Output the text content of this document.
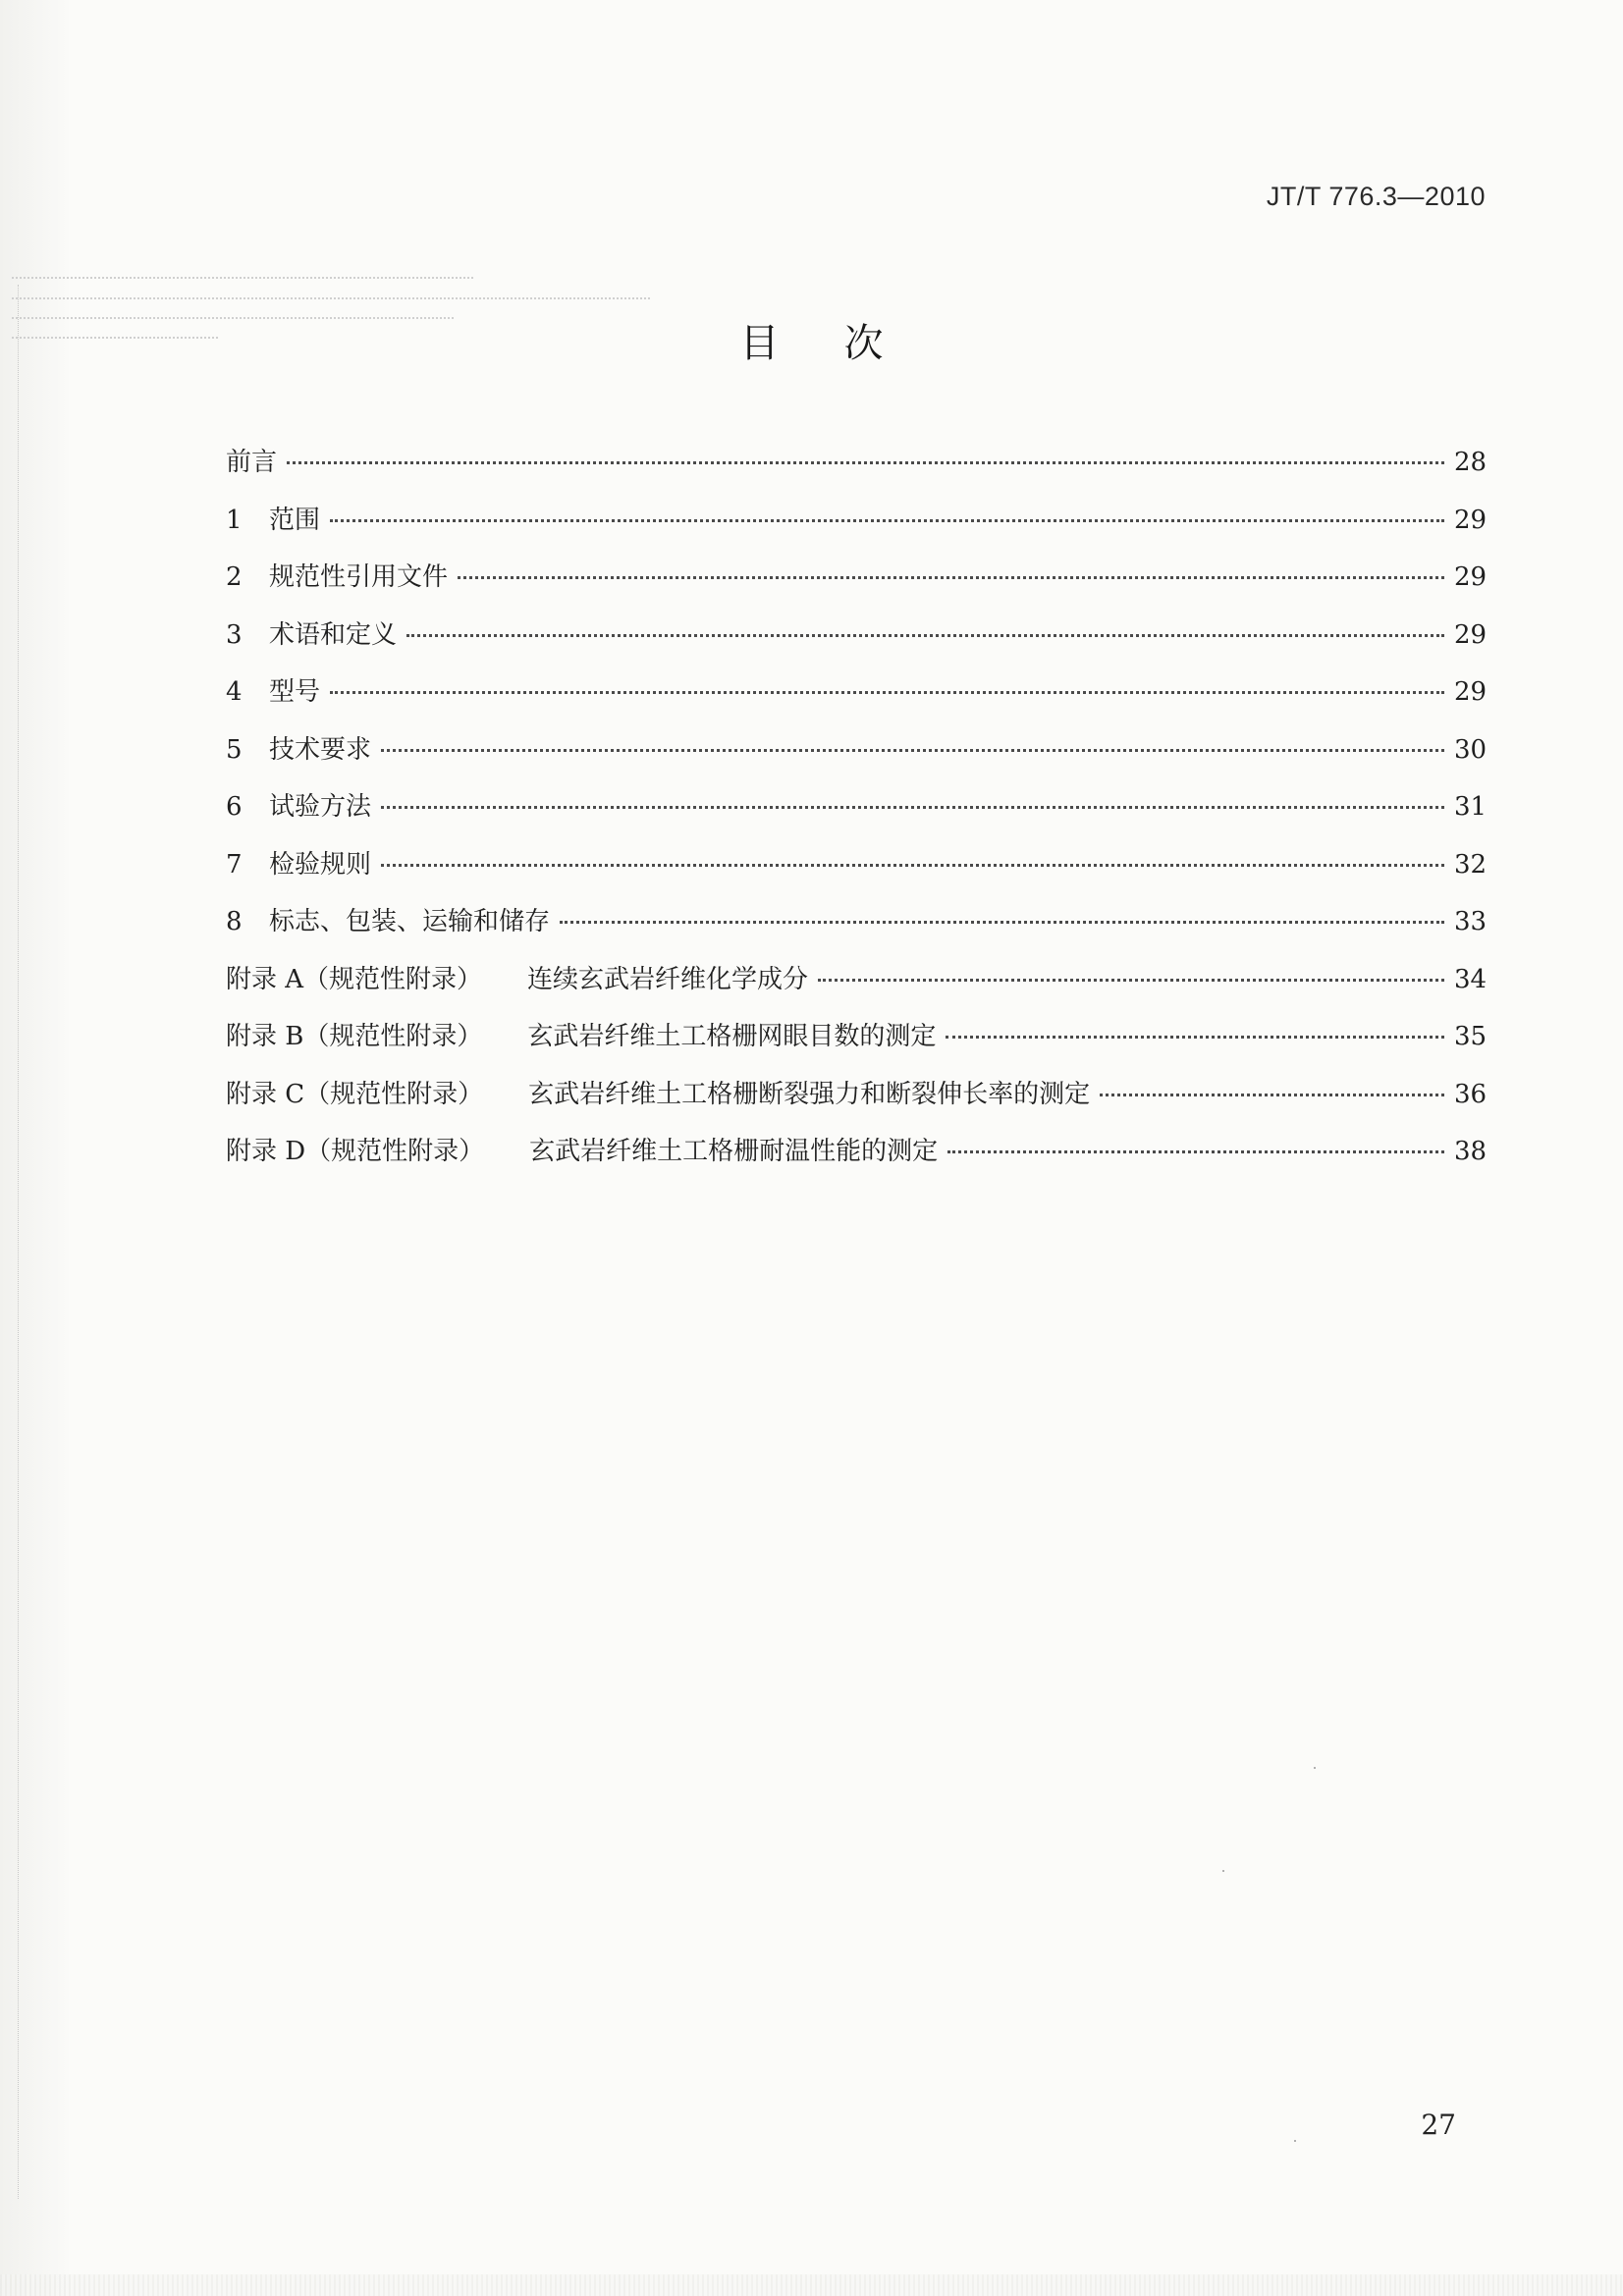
JT/T 776.3—2010
目次
前言	28
1	范围	29
2	规范性引用文件	29
3	术语和定义	29
4	型号	29
5	技术要求	30
6	试验方法	31
7	检验规则	32
8	标志、包装、运输和储存	33
附录 A（规范性附录） 连续玄武岩纤维化学成分	34
附录 B（规范性附录） 玄武岩纤维土工格栅网眼目数的测定	35
附录 C（规范性附录） 玄武岩纤维土工格栅断裂强力和断裂伸长率的测定	36
附录 D（规范性附录） 玄武岩纤维土工格栅耐温性能的测定	38
27
